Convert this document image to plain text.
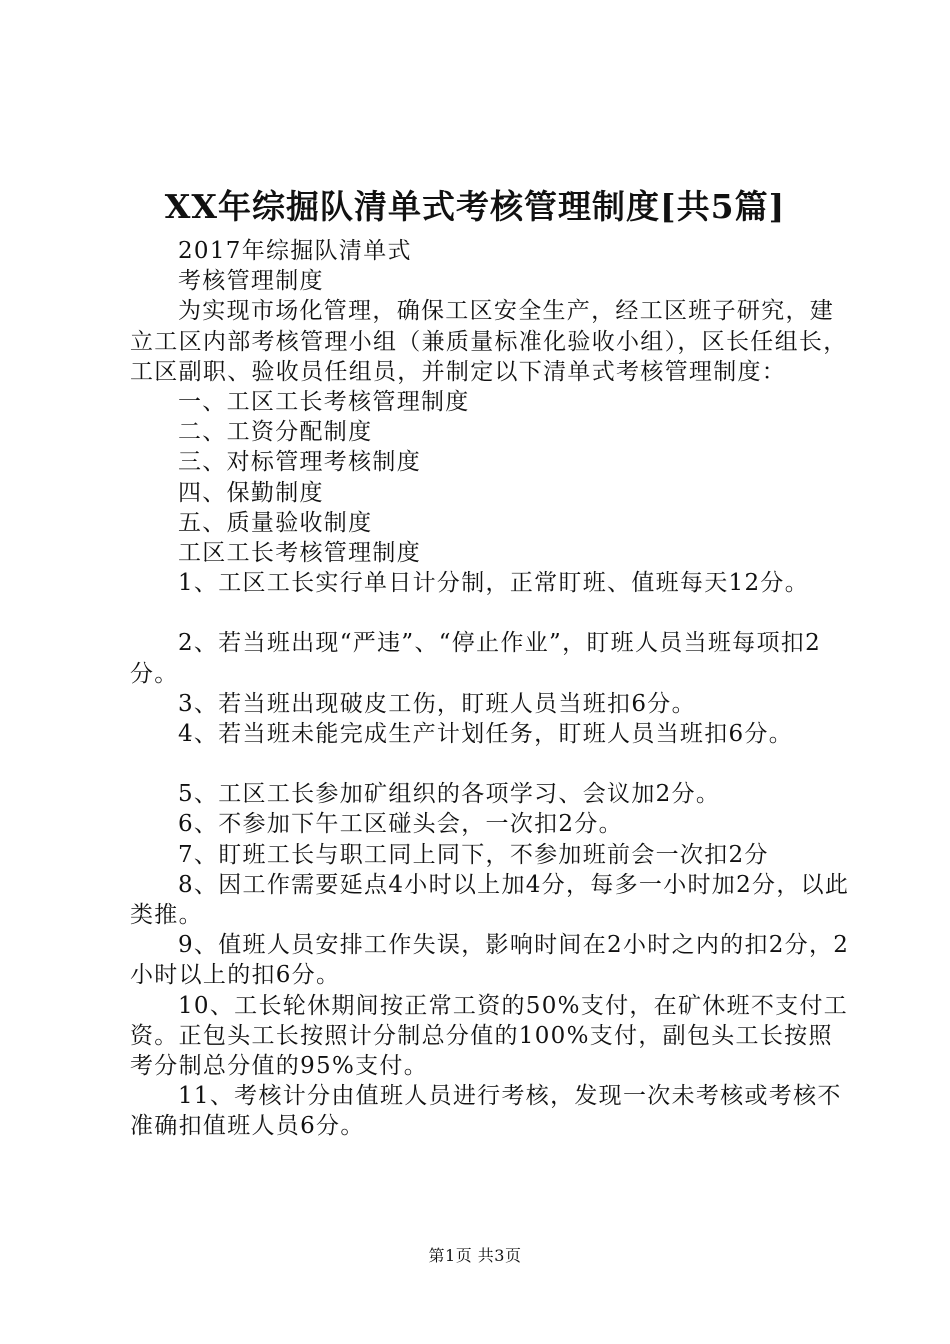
XX年综掘队清单式考核管理制度[共5篇]

2017年综掘队清单式

考核管理制度

为实现市场化管理，确保工区安全生产，经工区班子研究，建立工区内部考核管理小组（兼质量标准化验收小组），区长任组长，工区副职、验收员任组员，并制定以下清单式考核管理制度：

一、工区工长考核管理制度

二、工资分配制度

三、对标管理考核制度

四、保勤制度

五、质量验收制度

工区工长考核管理制度

1、工区工长实行单日计分制，正常盯班、值班每天12分。

2、若当班出现“严违”、“停止作业”，盯班人员当班每项扣2分。

3、若当班出现破皮工伤，盯班人员当班扣6分。

4、若当班未能完成生产计划任务，盯班人员当班扣6分。

5、工区工长参加矿组织的各项学习、会议加2分。

6、不参加下午工区碰头会，一次扣2分。

7、盯班工长与职工同上同下，不参加班前会一次扣2分

8、因工作需要延点4小时以上加4分，每多一小时加2分，以此类推。

9、值班人员安排工作失误，影响时间在2小时之内的扣2分，2小时以上的扣6分。

10、工长轮休期间按正常工资的50%支付，在矿休班不支付工资。正包头工长按照计分制总分值的100%支付，副包头工长按照考分制总分值的95%支付。

11、考核计分由值班人员进行考核，发现一次未考核或考核不准确扣值班人员6分。

第1页 共3页
